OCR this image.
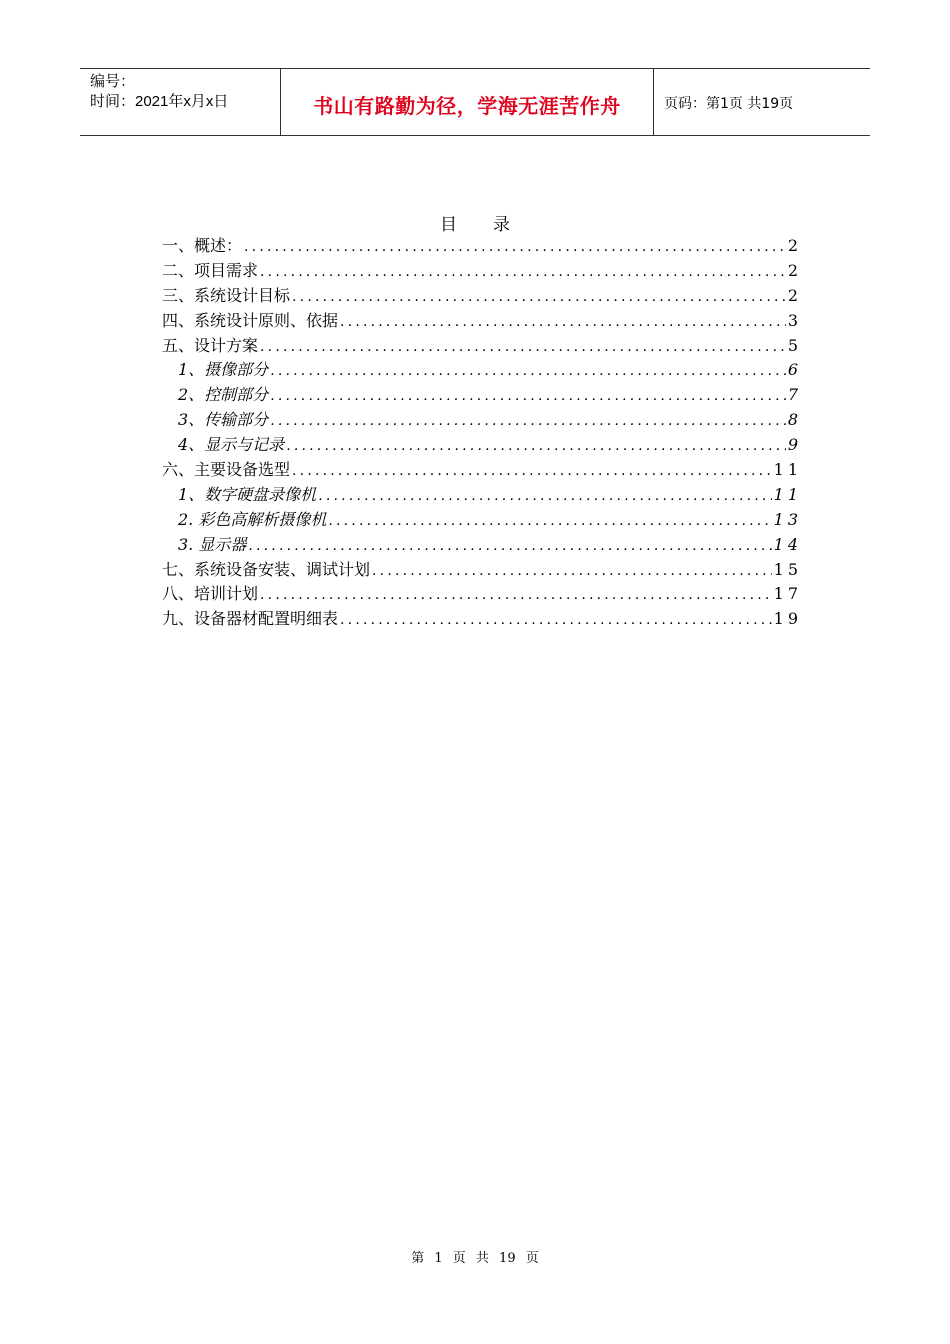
编号：
时间：2021年x月x日	书山有路勤为径，学海无涯苦作舟	页码：第1页 共19页
目 录
一、概述： .....	2
二、项目需求 .....	2
三、系统设计目标 .....	2
四、系统设计原则、依据 .....	3
五、设计方案 .....	5
1、摄像部分 .....	6
2、控制部分 .....	7
3、传输部分 .....	8
4、显示与记录 .....	9
六、主要设备选型 .....	11
1、数字硬盘录像机 .....	11
2. 彩色高解析摄像机 .....	13
3. 显示器 .....	14
七、系统设备安装、调试计划 .....	15
八、培训计划 .....	17
九、设备器材配置明细表 .....	19
第 1 页 共 19 页
